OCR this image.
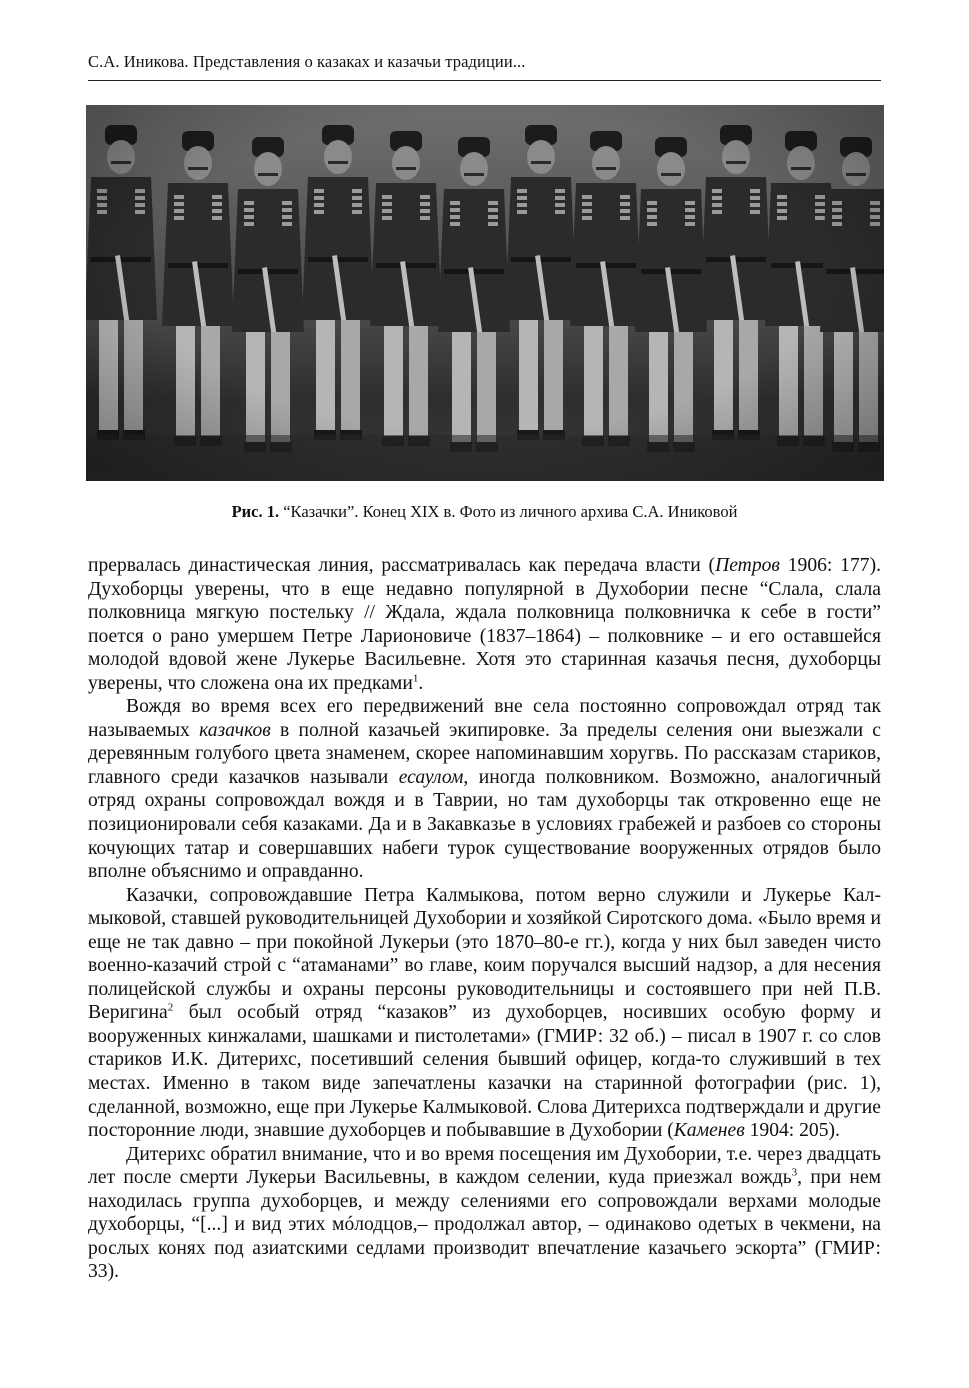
С.А. Иникова. Представления о казаках и казачьи традиции...
Рис. 1. “Казачки”. Конец XIX в. Фото из личного архива С.А. Иниковой

прервалась династическая линия, рассматривалась как передача власти (Петров 1906: 177). Духоборцы уверены, что в еще недавно популярной в Духобории песне “Слала, слала полковница мягкую постельку // Ждала, ждала полковница полковничка к себе в гости” поется о рано умершем Петре Ларионовиче (1837–1864) – полковнике – и его оставшейся молодой вдовой жене Лукерье Васильевне. Хотя это старинная казачья песня, духоборцы уверены, что сложена она их предками$^1$.

Вождя во время всех его передвижений вне села постоянно сопровождал отряд так называемых казачков в полной казачьей экипировке. За пределы селения они выезжали с деревянным голубого цвета знаменем, скорее напоминавшим хоругвь. По рассказам стариков, главного среди казачков называли есаулом, иногда полковником. Возможно, аналогичный отряд охраны сопровождал вождя и в Таврии, но там духоборцы так откровенно еще не позиционировали себя казаками. Да и в Закавказье в условиях грабежей и разбоев со стороны кочующих татар и совершавших набеги турок существование вооруженных отрядов было вполне объяснимо и оправданно.

Казачки, сопровождавшие Петра Калмыкова, потом верно служили и Лукерье Калмыковой, ставшей руководительницей Духобории и хозяйкой Сиротского дома. «Было время и еще не так давно – при покойной Лукерьи (это 1870–80-е гг.), когда у них был заведен чисто военно-казачий строй с “атаманами” во главе, коим поручался высший надзор, а для несения полицейской службы и охраны персоны руководительницы и состоявшего при ней П.В. Веригина$^2$ был особый отряд “казаков” из духоборцев, носивших особую форму и вооруженных кинжалами, шашками и пистолетами» (ГМИР: 32 об.) – писал в 1907 г. со слов стариков И.К. Дитерихс, посетивший селения бывший офицер, когда-то служивший в тех местах. Именно в таком виде запечатлены казачки на старинной фотографии (рис. 1), сделанной, возможно, еще при Лукерье Калмыковой. Слова Дитерихса подтверждали и другие посторонние люди, знавшие духоборцев и побывавшие в Духобории (Каменев 1904: 205).

Дитерихс обратил внимание, что и во время посещения им Духобории, т.е. через двадцать лет после смерти Лукерьи Васильевны, в каждом селении, куда приезжал вождь$^3$, при нем находилась группа духоборцев, и между селениями его сопровождали верхами молодые духоборцы, “[...] и вид этих мóлодцов,– продолжал автор, – одинаково одетых в чекмени, на рослых конях под азиатскими седлами производит впечатление казачьего эскорта” (ГМИР: 33).
